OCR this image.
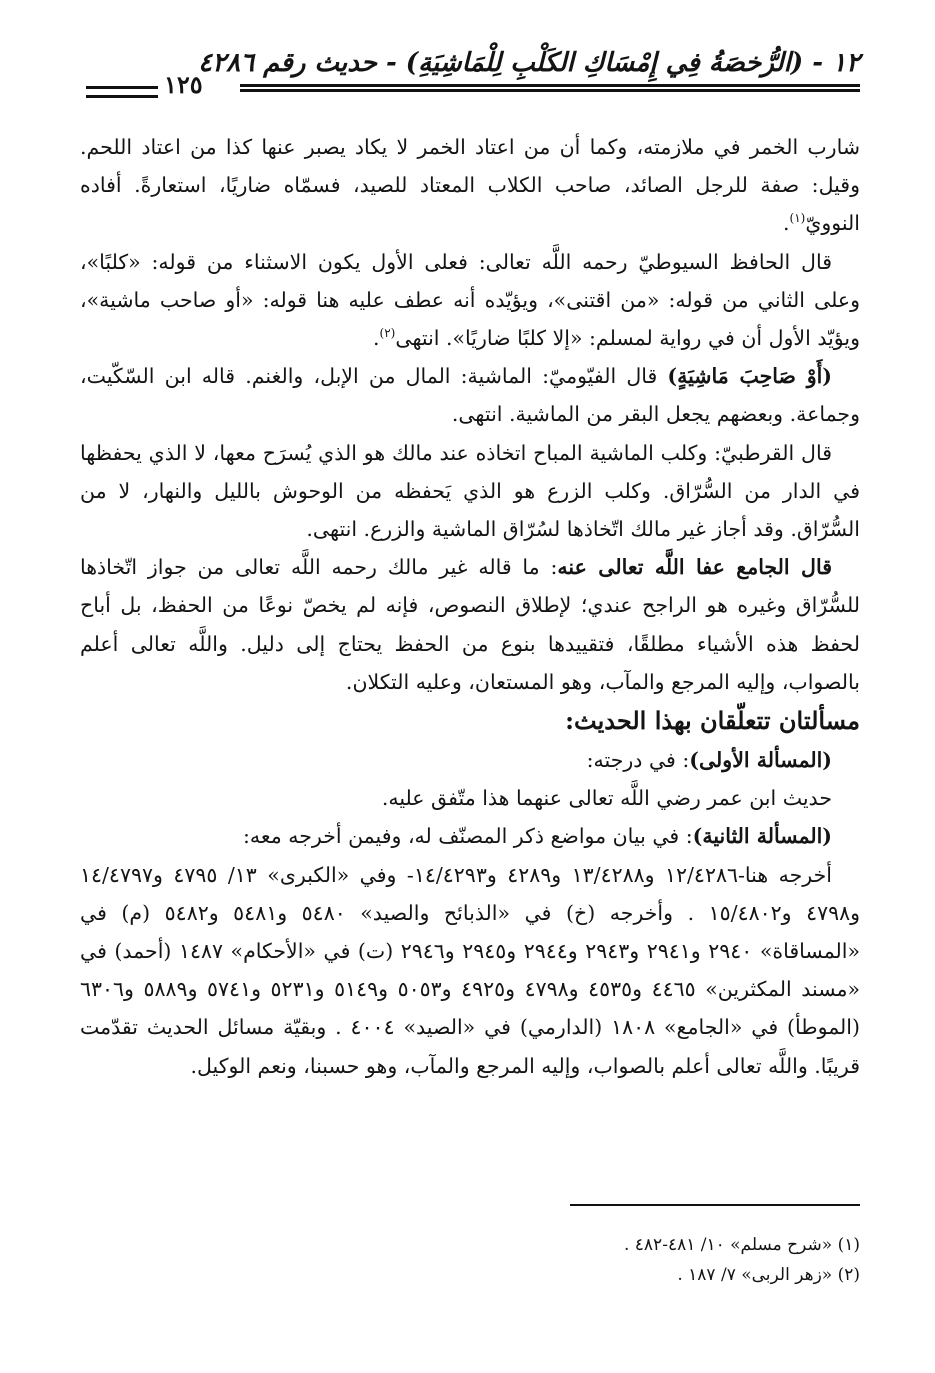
١٢ - (الرُّخصَةُ فِي إِمْسَاكِ الكَلْبِ لِلْمَاشِيَةِ) - حديث رقم ٤٢٨٦
١٢٥

شارب الخمر في ملازمته، وكما أن من اعتاد الخمر لا يكاد يصبر عنها كذا من اعتاد اللحم. وقيل: صفة للرجل الصائد، صاحب الكلاب المعتاد للصيد، فسمّاه ضاريًا، استعارةً. أفاده النوويّ$^{(١)}$.

قال الحافظ السيوطيّ رحمه اللَّه تعالى: فعلى الأول يكون الاسثناء من قوله: «كلبًا»، وعلى الثاني من قوله: «من اقتنى»، ويؤيّده أنه عطف عليه هنا قوله: «أو صاحب ماشية»، ويؤيّد الأول أن في رواية لمسلم: «إلا كلبًا ضاريًا». انتهى$^{(٢)}$.

(أَوْ صَاحِبَ مَاشِيَةٍ) قال الفيّوميّ: الماشية: المال من الإبل، والغنم. قاله ابن السّكّيت، وجماعة. وبعضهم يجعل البقر من الماشية. انتهى.

قال القرطبيّ: وكلب الماشية المباح اتخاذه عند مالك هو الذي يُسرَح معها، لا الذي يحفظها في الدار من السُّرّاق. وكلب الزرع هو الذي يَحفظه من الوحوش بالليل والنهار، لا من السُّرّاق. وقد أجاز غير مالك اتّخاذها لسُرّاق الماشية والزرع. انتهى.

قال الجامع عفا اللَّه تعالى عنه: ما قاله غير مالك رحمه اللَّه تعالى من جواز اتّخاذها للسُّرّاق وغيره هو الراجح عندي؛ لإطلاق النصوص، فإنه لم يخصّ نوعًا من الحفظ، بل أباح لحفظ هذه الأشياء مطلقًا، فتقييدها بنوع من الحفظ يحتاج إلى دليل. واللَّه تعالى أعلم بالصواب، وإليه المرجع والمآب، وهو المستعان، وعليه التكلان.

مسألتان تتعلّقان بهذا الحديث:

(المسألة الأولى): في درجته:

حديث ابن عمر رضي اللَّه تعالى عنهما هذا متّفق عليه.

(المسألة الثانية): في بيان مواضع ذكر المصنّف له، وفيمن أخرجه معه:

أخرجه هنا-١٢/٤٢٨٦ و١٣/٤٢٨٨ و٤٢٨٩ و١٤/٤٢٩٣- وفي «الكبرى» ١٣/ ٤٧٩٥ و١٤/٤٧٩٧ و٤٧٩٨ و١٥/٤٨٠٢ . وأخرجه (خ) في «الذبائح والصيد» ٥٤٨٠ و٥٤٨١ و٥٤٨٢ (م) في «المساقاة» ٢٩٤٠ و٢٩٤١ و٢٩٤٣ و٢٩٤٤ و٢٩٤٥ و٢٩٤٦ (ت) في «الأحكام» ١٤٨٧ (أحمد) في «مسند المكثرين» ٤٤٦٥ و٤٥٣٥ و٤٧٩٨ و٤٩٢٥ و٥٠٥٣ و٥١٤٩ و٥٢٣١ و٥٧٤١ و٥٨٨٩ و٦٣٠٦ (الموطأ) في «الجامع» ١٨٠٨ (الدارمي) في «الصيد» ٤٠٠٤ . وبقيّة مسائل الحديث تقدّمت قريبًا. واللَّه تعالى أعلم بالصواب، وإليه المرجع والمآب، وهو حسبنا، ونعم الوكيل.

(١) «شرح مسلم» ١٠/ ٤٨١-٤٨٢ .

(٢) «زهر الربى» ٧/ ١٨٧ .
